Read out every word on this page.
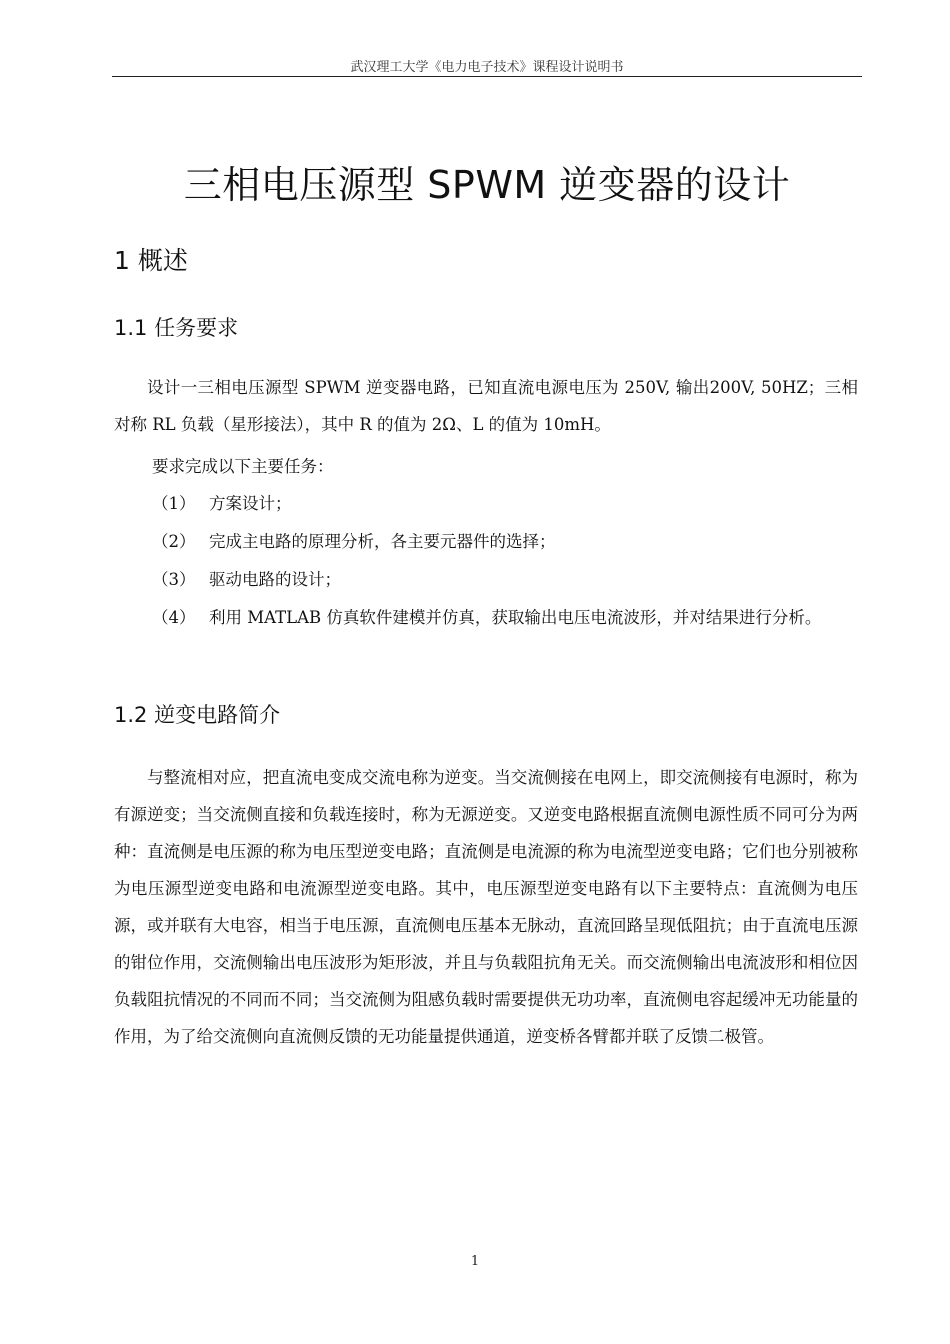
武汉理工大学《电力电子技术》课程设计说明书
三相电压源型 SPWM 逆变器的设计
1 概述
1.1 任务要求

设计一三相电压源型 SPWM 逆变器电路，已知直流电源电压为 250V, 输出200V, 50HZ；三相对称 RL 负载（星形接法），其中 R 的值为 2Ω、L 的值为 10mH。

要求完成以下主要任务：

（1） 方案设计；
（2） 完成主电路的原理分析，各主要元器件的选择；
（3） 驱动电路的设计；
（4） 利用 MATLAB 仿真软件建模并仿真，获取输出电压电流波形，并对结果进行分析。
1.2 逆变电路简介

与整流相对应，把直流电变成交流电称为逆变。当交流侧接在电网上，即交流侧接有电源时，称为有源逆变；当交流侧直接和负载连接时，称为无源逆变。又逆变电路根据直流侧电源性质不同可分为两种：直流侧是电压源的称为电压型逆变电路；直流侧是电流源的称为电流型逆变电路；它们也分别被称为电压源型逆变电路和电流源型逆变电路。其中，电压源型逆变电路有以下主要特点：直流侧为电压源，或并联有大电容，相当于电压源，直流侧电压基本无脉动，直流回路呈现低阻抗；由于直流电压源的钳位作用，交流侧输出电压波形为矩形波，并且与负载阻抗角无关。而交流侧输出电流波形和相位因负载阻抗情况的不同而不同；当交流侧为阻感负载时需要提供无功功率，直流侧电容起缓冲无功能量的作用，为了给交流侧向直流侧反馈的无功能量提供通道，逆变桥各臂都并联了反馈二极管。

1
